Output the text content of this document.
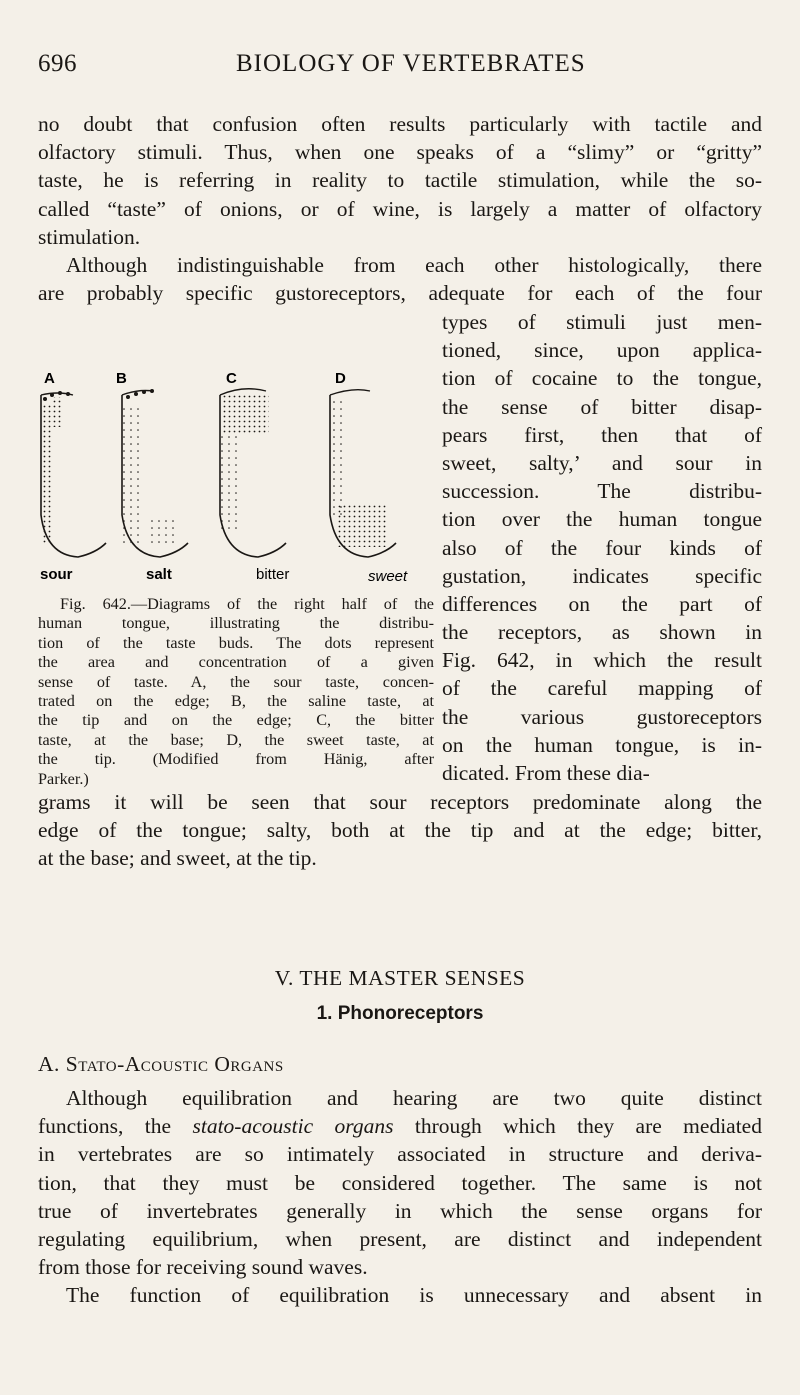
696	BIOLOGY OF VERTEBRATES
no doubt that confusion often results particularly with tactile and
olfactory stimuli. Thus, when one speaks of a “slimy” or “gritty”
taste, he is referring in reality to tactile stimulation, while the so-
called “taste” of onions, or of wine, is largely a matter of olfactory
stimulation.
Although indistinguishable from each other histologically, there
are probably specific gustoreceptors, adequate for each of the four
types of stimuli just men-
tioned, since, upon applica-
tion of cocaine to the tongue,
the sense of bitter disap-
pears first, then that of
sweet, salty,’ and sour in
succession. The distribu-
tion over the human tongue
also of the four kinds of
gustation, indicates specific
differences on the part of
the receptors, as shown in
Fig. 642, in which the result
of the careful mapping of
the various gustoreceptors
on the human tongue, is in-
dicated. From these dia-
A
sour
B
salt
C
bitter
D
sweet
Fig. 642.—Diagrams of the right half of the
human tongue, illustrating the distribu-
tion of the taste buds. The dots represent
the area and concentration of a given
sense of taste. A, the sour taste, concen-
trated on the edge; B, the saline taste, at
the tip and on the edge; C, the bitter
taste, at the base; D, the sweet taste, at
the tip. (Modified from Hänig, after
Parker.)
grams it will be seen that sour receptors predominate along the
edge of the tongue; salty, both at the tip and at the edge; bitter,
at the base; and sweet, at the tip.
V. THE MASTER SENSES
1. Phonoreceptors
A. Stato-Acoustic Organs
Although equilibration and hearing are two quite distinct
functions, the stato-acoustic organs through which they are mediated
in vertebrates are so intimately associated in structure and deriva-
tion, that they must be considered together. The same is not
true of invertebrates generally in which the sense organs for
regulating equilibrium, when present, are distinct and independent
from those for receiving sound waves.
The function of equilibration is unnecessary and absent in
